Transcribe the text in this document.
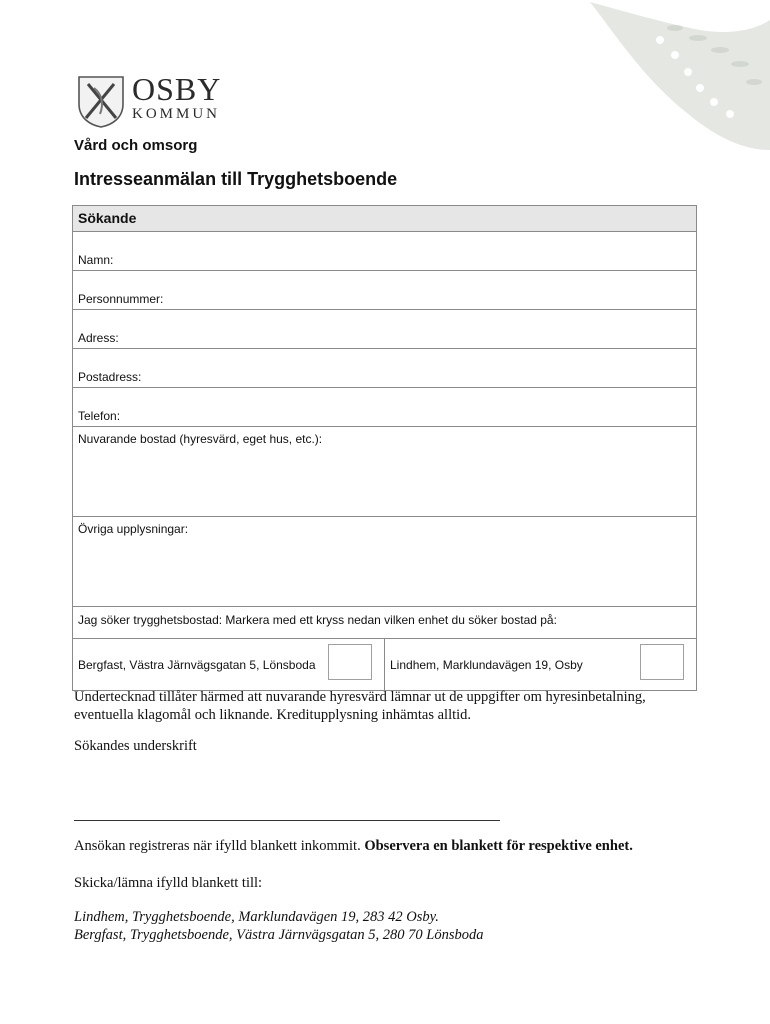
OSBY
KOMMUN
Vård och omsorg
Intresseanmälan till Trygghetsboende
Sökande
Namn:
Personnummer:
Adress:
Postadress:
Telefon:
Nuvarande bostad (hyresvärd, eget hus, etc.):
Övriga upplysningar:
Jag söker trygghetsbostad: Markera med ett kryss nedan vilken enhet du söker bostad på:
Bergfast, Västra Järnvägsgatan 5, Lönsboda	Lindhem, Marklundavägen 19, Osby
Undertecknad tillåter härmed att nuvarande hyresvärd lämnar ut de uppgifter om hyresinbetalning, eventuella klagomål och liknande. Kreditupplysning inhämtas alltid.
Sökandes underskrift
Ansökan registreras när ifylld blankett inkommit. Observera en blankett för respektive enhet.
Skicka/lämna ifylld blankett till:
Lindhem, Trygghetsboende, Marklundavägen 19, 283 42 Osby.
Bergfast, Trygghetsboende, Västra Järnvägsgatan 5, 280 70 Lönsboda
